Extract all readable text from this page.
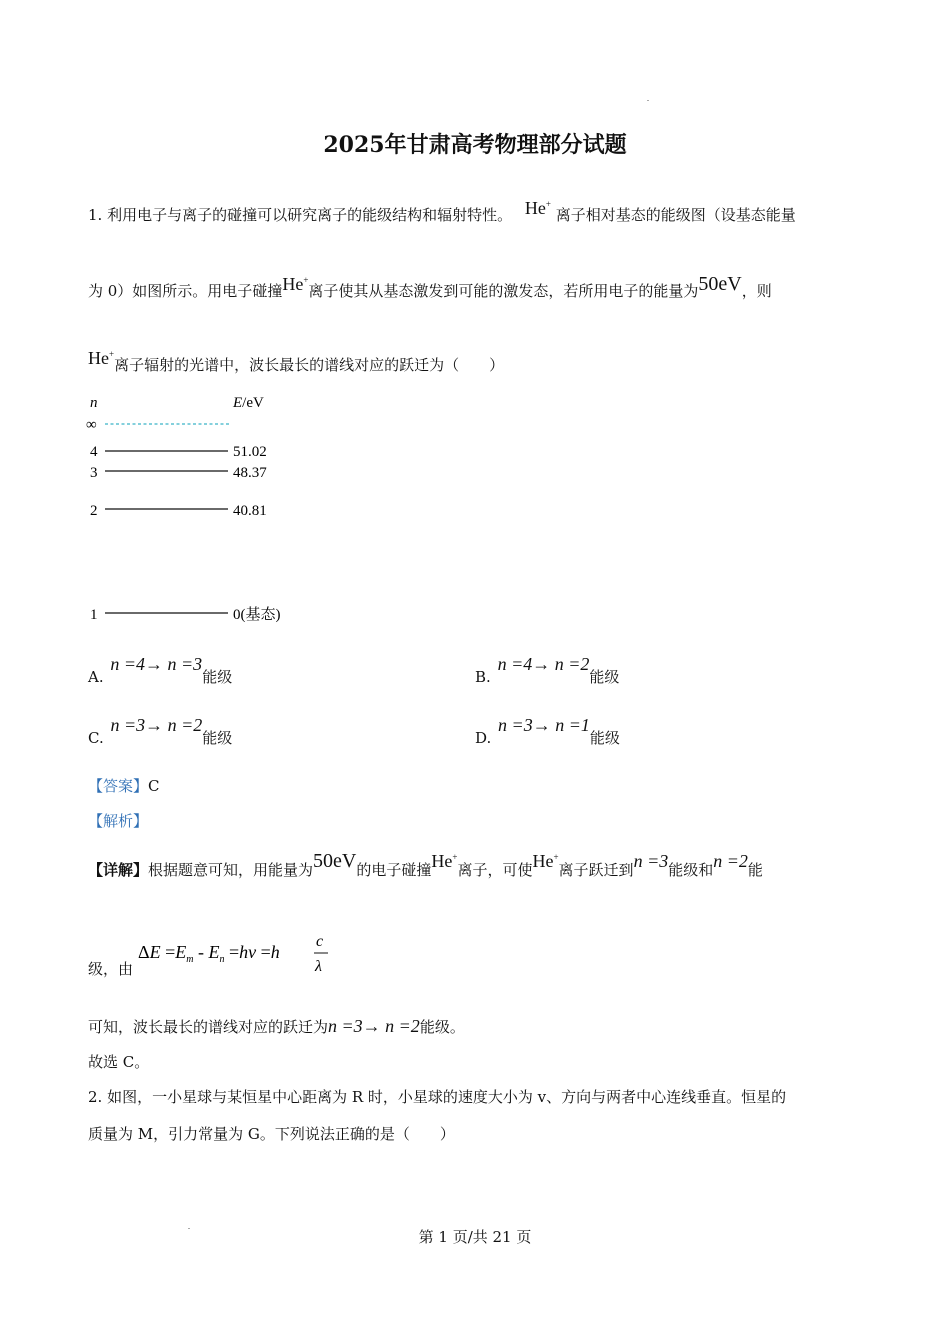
2025年甘肃高考物理部分试题
1. 利用电子与离子的碰撞可以研究离子的能级结构和辐射特性。 He+ 离子相对基态的能级图（设基态能量
为 0）如图所示。用电子碰撞He+离子使其从基态激发到可能的激发态，若所用电子的能量为50eV，则
He+离子辐射的光谱中，波长最长的谱线对应的跃迁为（　　）
n	E/eV
∞
4	51.02
3	48.37
2	40.81
1	0(基态)
A. n =4→ n =3能级	B. n =4→ n =2能级
C. n =3→ n =2能级	D. n =3→ n =1能级
【答案】C
【解析】
【详解】根据题意可知，用能量为50eV的电子碰撞He+离子，可使He+离子跃迁到n =3能级和n =2能
级，由
$\Delta E =E_m - E_n =h\nu =h$
c
λ
可知，波长最长的谱线对应的跃迁为n =3→ n =2能级。
故选 C。
2. 如图，一小星球与某恒星中心距离为 R 时，小星球的速度大小为 v、方向与两者中心连线垂直。恒星的
质量为 M，引力常量为 G。下列说法正确的是（　　）
第 1 页/共 21 页
